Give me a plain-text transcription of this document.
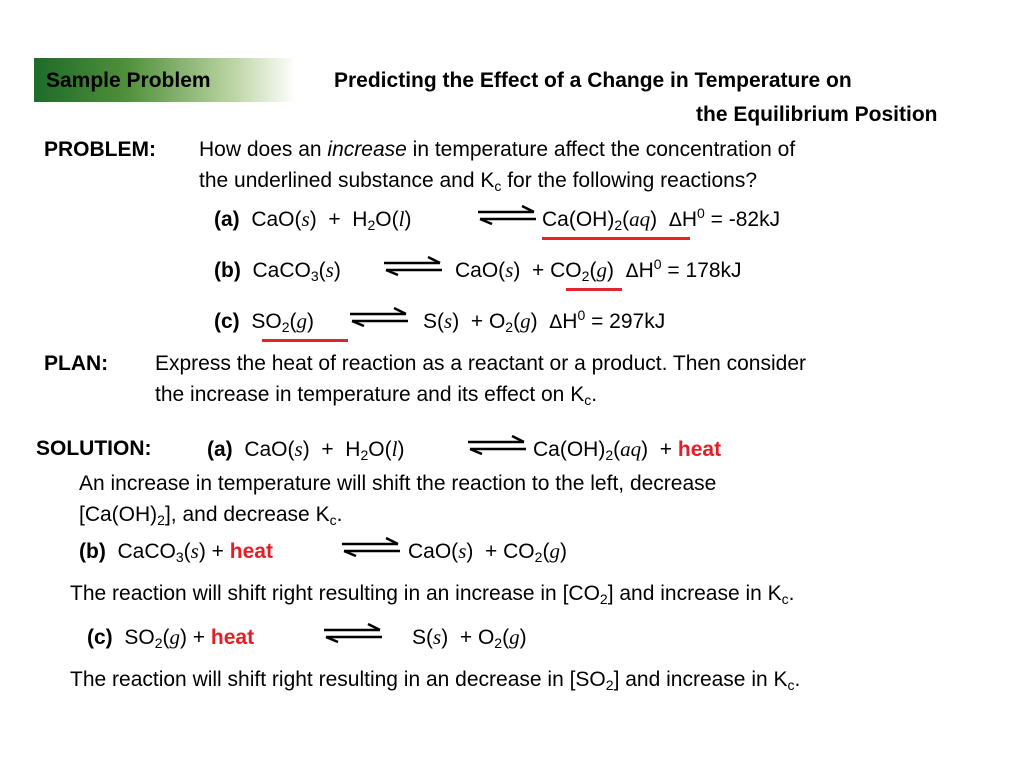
Sample Problem	Predicting the Effect of a Change in Temperature on
the Equilibrium Position
PROBLEM: How does an increase in temperature affect the concentration of
the underlined substance and $K_c$ for the following reactions?
(a)  $CaO(s) + H_2O(l)$	$Ca(OH)_2(aq) \Delta H^0 = -82kJ$
(b)  CaCO$_3$(s)	$CaO(s) + CO_2(g) \Delta H^0 = 178kJ$
(c)  $SO_2(g)$	$S(s) + O_2(g) \Delta H^0 = 297kJ$
PLAN: Express the heat of reaction as a reactant or a product. Then consider
the increase in temperature and its effect on $K_c$.
SOLUTION:	(a)  $CaO(s) + H_2O(l)$	$Ca(OH)_2(aq)$  + heat
An increase in temperature will shift the reaction to the left, decrease
$[Ca(OH)_2]$, and decrease $K_c$.
(b)  CaCO$_3$(s) + heat	$CaO(s) + CO_2(g)$
The reaction will shift right resulting in an increase in $[CO_2]$ and increase in $K_c$.
(c)  $SO_2(g)$ + heat	$S(s) + O_2(g)$
The reaction will shift right resulting in an decrease in $[SO_2]$ and increase in $K_c$.
